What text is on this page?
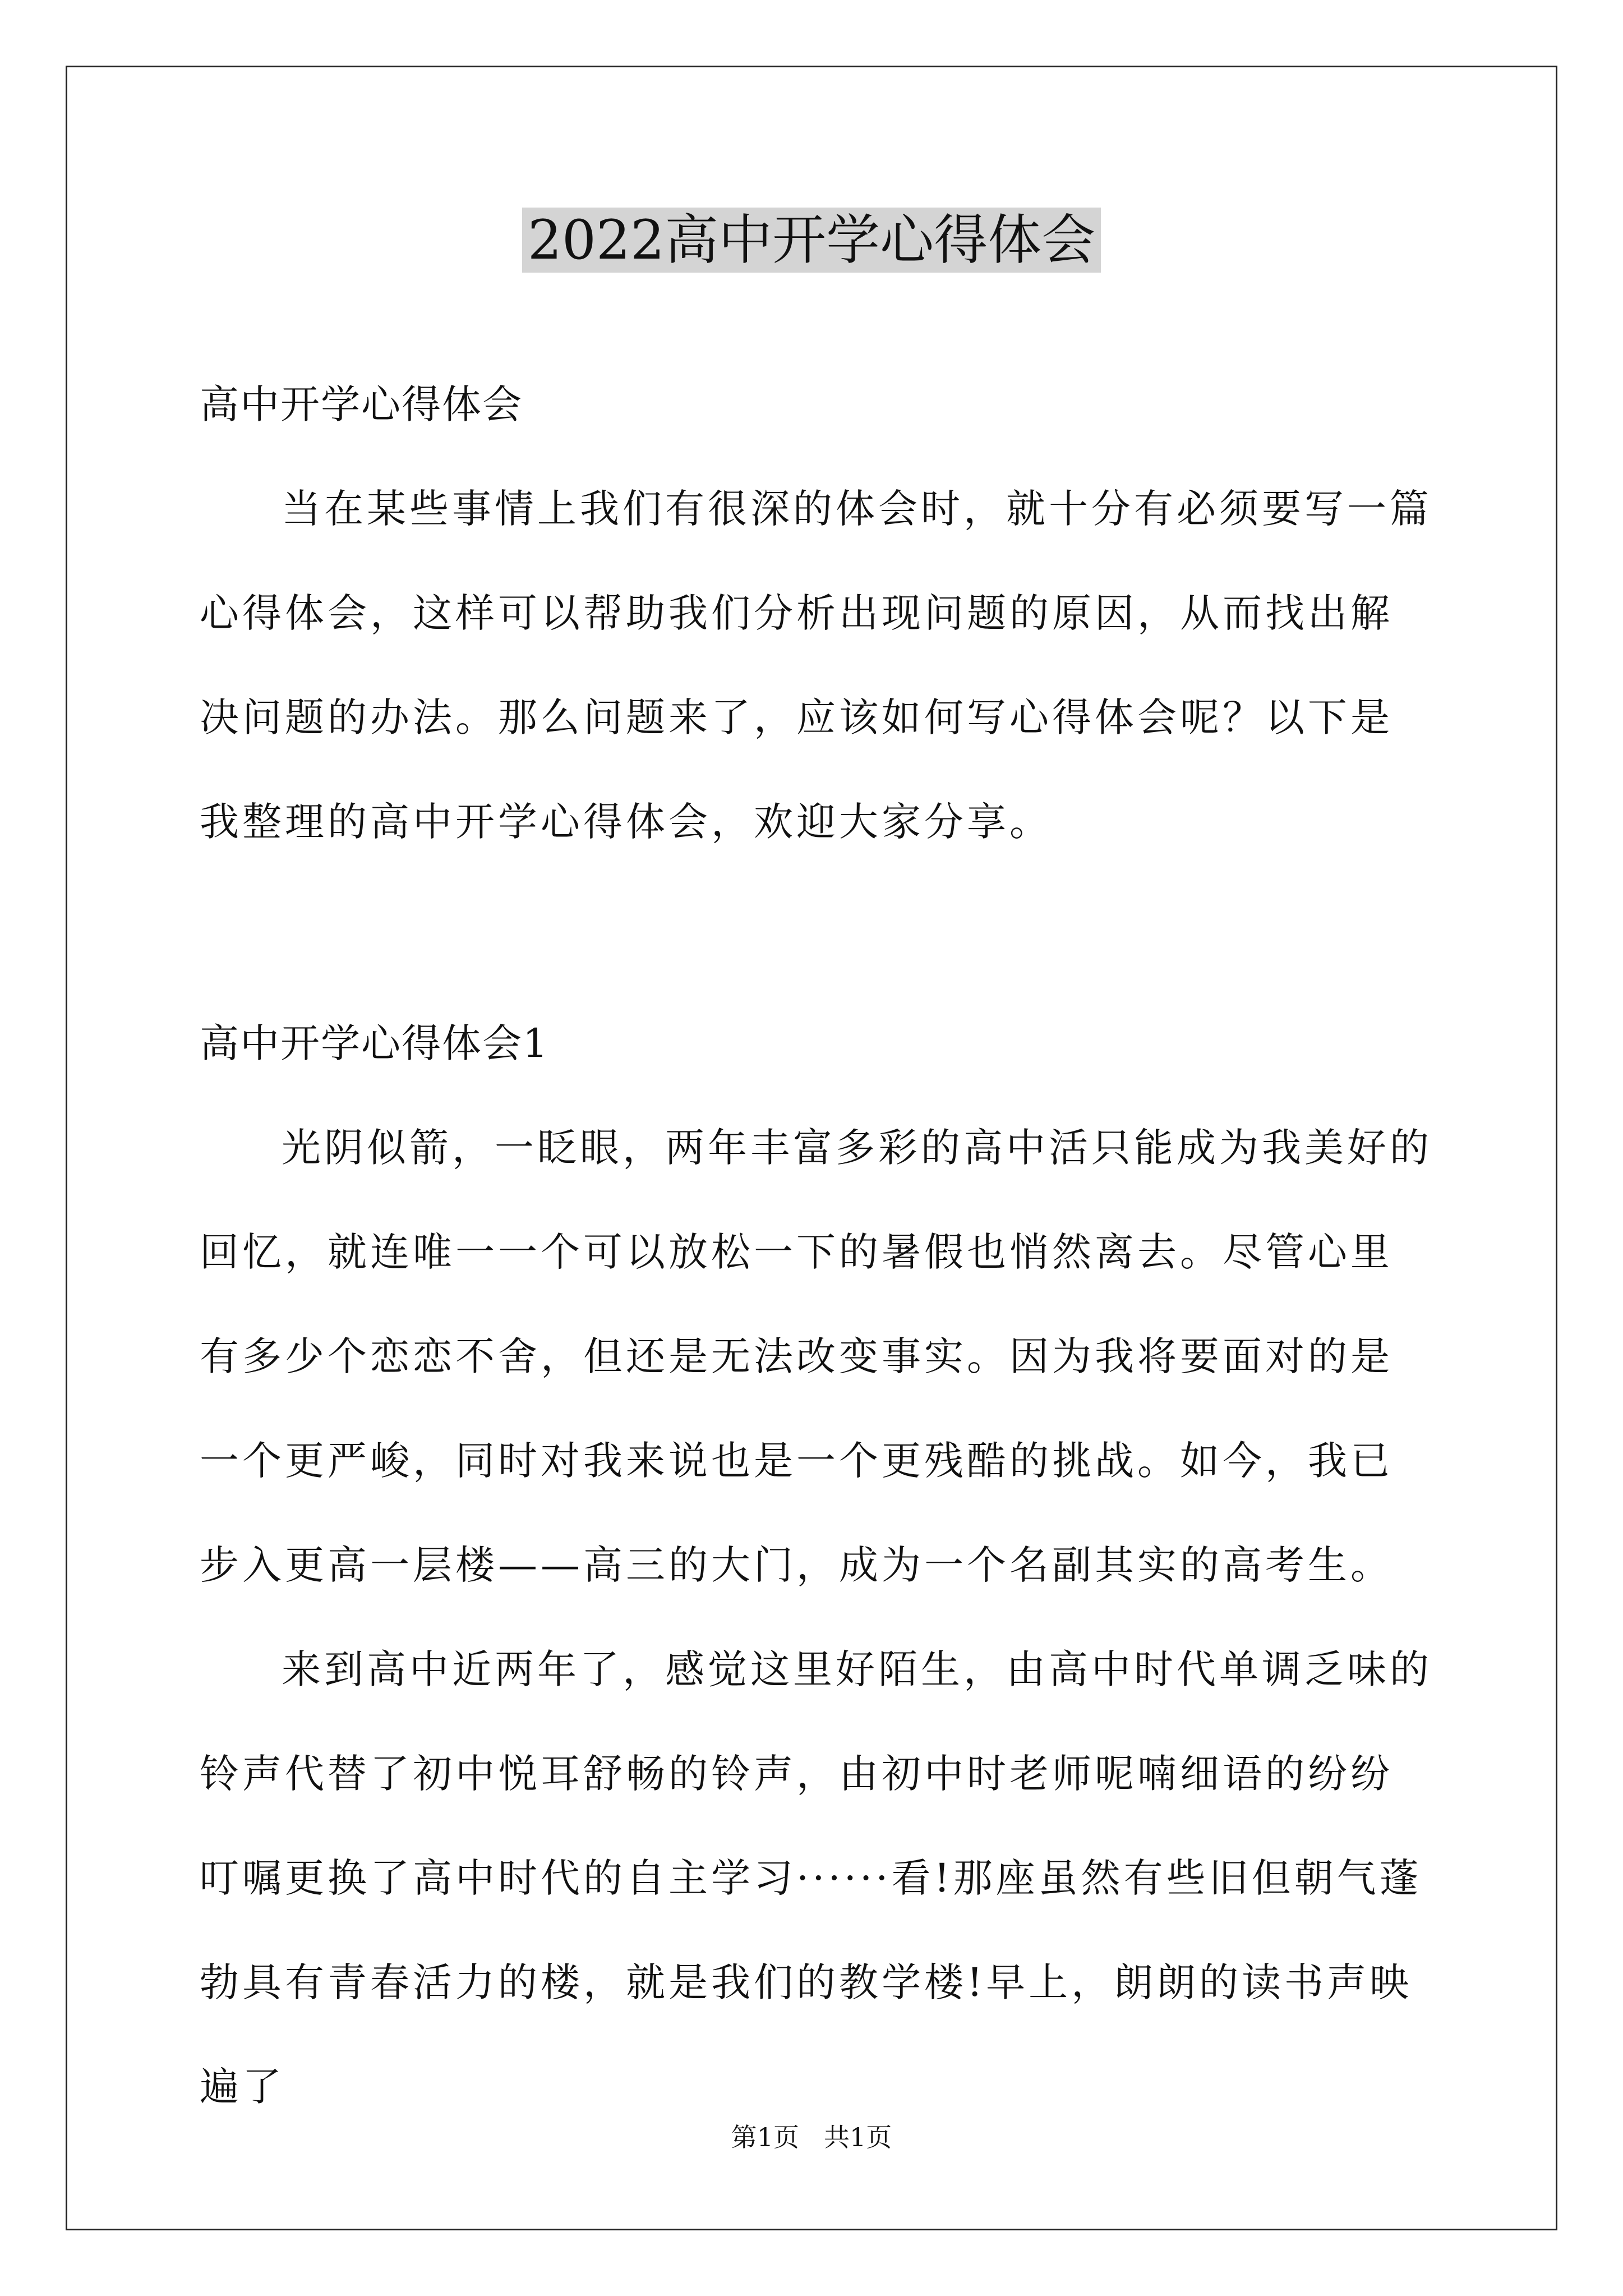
2022高中开学心得体会

高中开学心得体会

当在某些事情上我们有很深的体会时，就十分有必须要写一篇心得体会，这样可以帮助我们分析出现问题的原因，从而找出解决问题的办法。那么问题来了，应该如何写心得体会呢？以下是我整理的高中开学心得体会，欢迎大家分享。

高中开学心得体会1

光阴似箭，一眨眼，两年丰富多彩的高中活只能成为我美好的回忆，就连唯一一个可以放松一下的暑假也悄然离去。尽管心里有多少个恋恋不舍，但还是无法改变事实。因为我将要面对的是一个更严峻，同时对我来说也是一个更残酷的挑战。如今，我已步入更高一层楼——高三的大门，成为一个名副其实的高考生。

来到高中近两年了，感觉这里好陌生，由高中时代单调乏味的铃声代替了初中悦耳舒畅的铃声，由初中时老师呢喃细语的纷纷叮嘱更换了高中时代的自主学习······看!那座虽然有些旧但朝气蓬勃具有青春活力的楼，就是我们的教学楼!早上，朗朗的读书声映遍了

第1页 共1页
